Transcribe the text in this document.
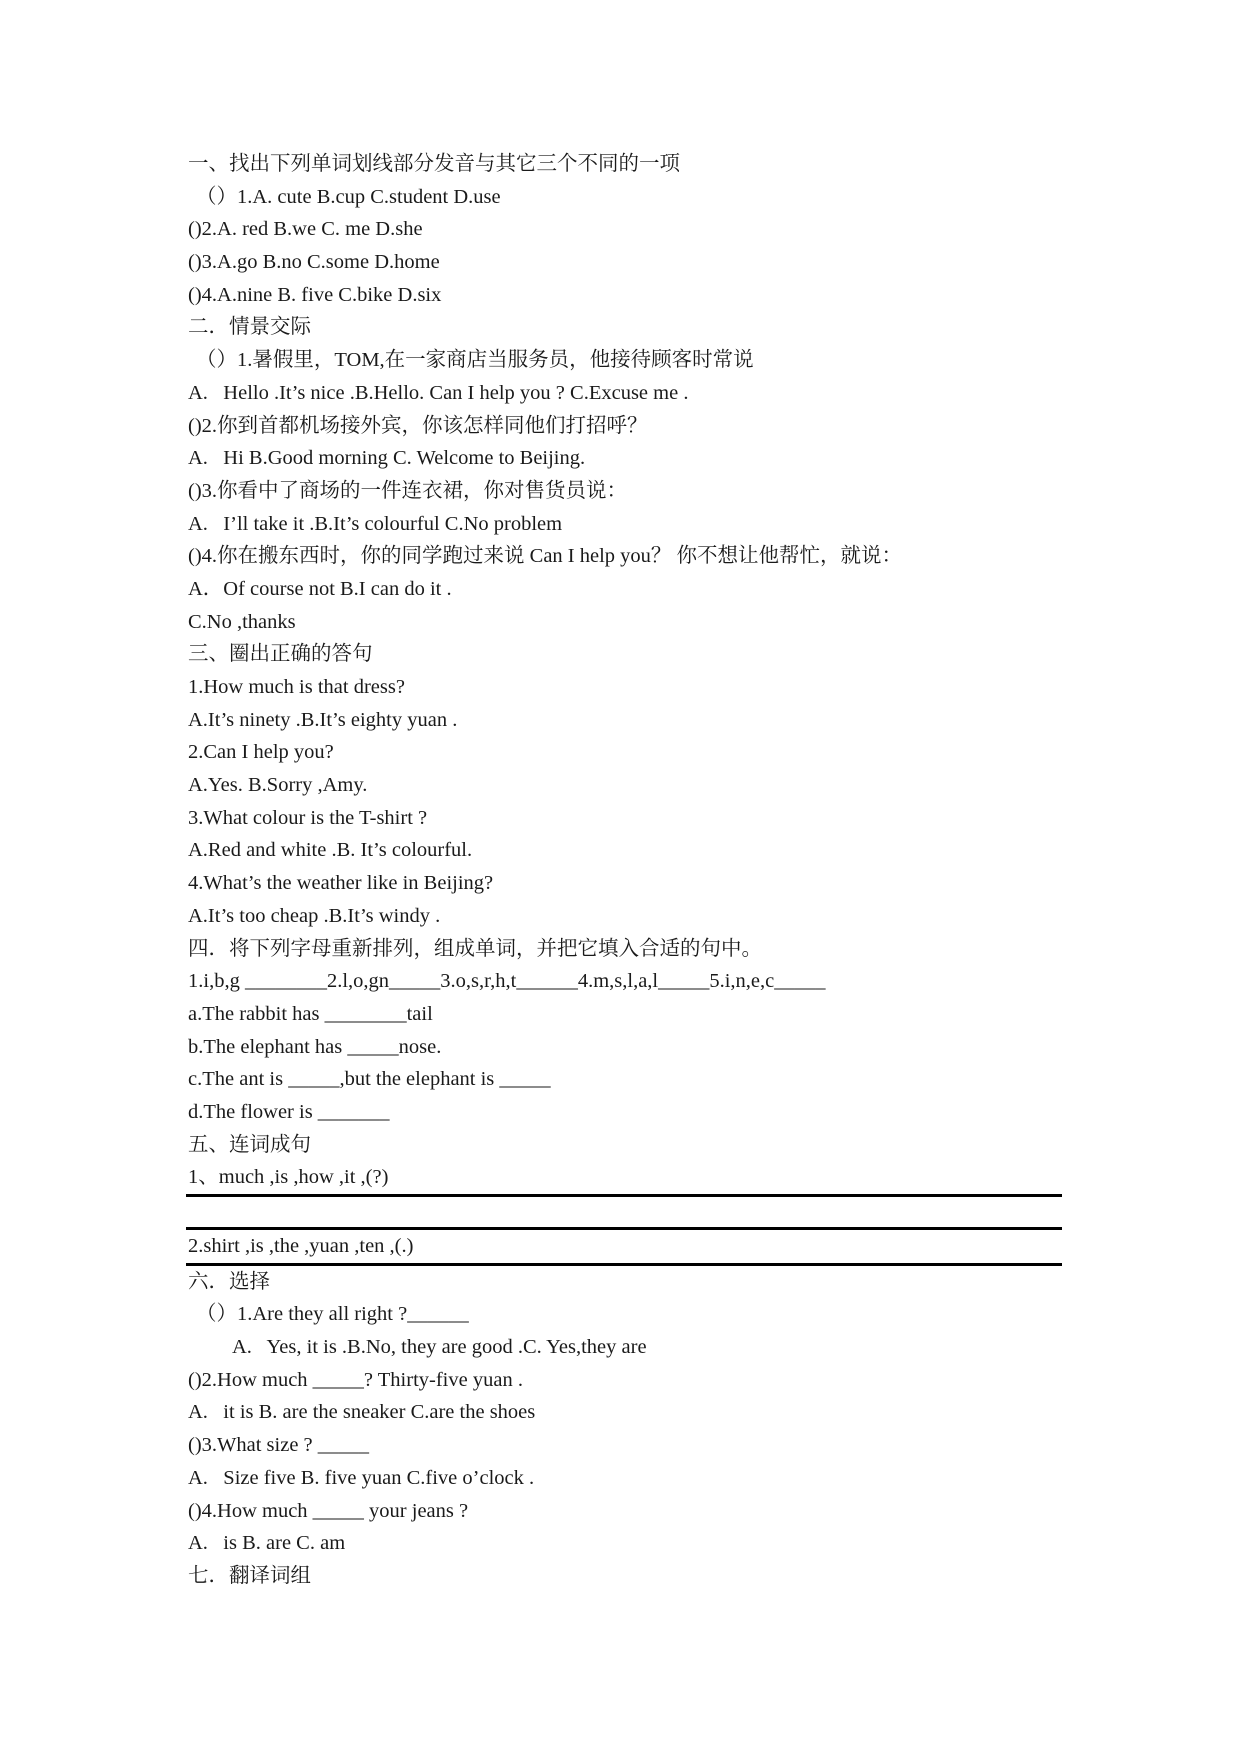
一、找出下列单词划线部分发音与其它三个不同的一项
（）1.A. cute B.cup C.student D.use
()2.A. red B.we C. me D.she
()3.A.go B.no C.some D.home
()4.A.nine B. five C.bike D.six
二．情景交际
（）1.暑假里，TOM,在一家商店当服务员，他接待顾客时常说
A.   Hello .It’s nice .B.Hello. Can I help you ? C.Excuse me .
()2.你到首都机场接外宾，你该怎样同他们打招呼？
A.   Hi B.Good morning C. Welcome to Beijing.
()3.你看中了商场的一件连衣裙，你对售货员说：
A.   I’ll take it .B.It’s colourful C.No problem
()4.你在搬东西时，你的同学跑过来说 Can I help you？ 你不想让他帮忙，就说：
A．Of course not B.I can do it .
C.No ,thanks
三、圈出正确的答句
1.How much is that dress?
A.It’s ninety .B.It’s eighty yuan .
2.Can I help you?
A.Yes. B.Sorry ,Amy.
3.What colour is the T-shirt ?
A.Red and white .B. It’s colourful.
4.What’s the weather like in Beijing?
A.It’s too cheap .B.It’s windy .
四．将下列字母重新排列，组成单词，并把它填入合适的句中。
1.i,b,g ________2.l,o,gn_____3.o,s,r,h,t______4.m,s,l,a,l_____5.i,n,e,c_____
a.The rabbit has ________tail
b.The elephant has _____nose.
c.The ant is _____,but the elephant is _____
d.The flower is _______
五、连词成句
1、much ,is ,how ,it ,(?)
2.shirt ,is ,the ,yuan ,ten ,(.)
六．选择
（）1.Are they all right ?______
A.   Yes, it is .B.No, they are good .C. Yes,they are
()2.How much _____? Thirty-five yuan .
A.   it is B. are the sneaker C.are the shoes
()3.What size ? _____
A.   Size five B. five yuan C.five o’clock .
()4.How much _____ your jeans ?
A.   is B. are C. am
七．翻译词组
